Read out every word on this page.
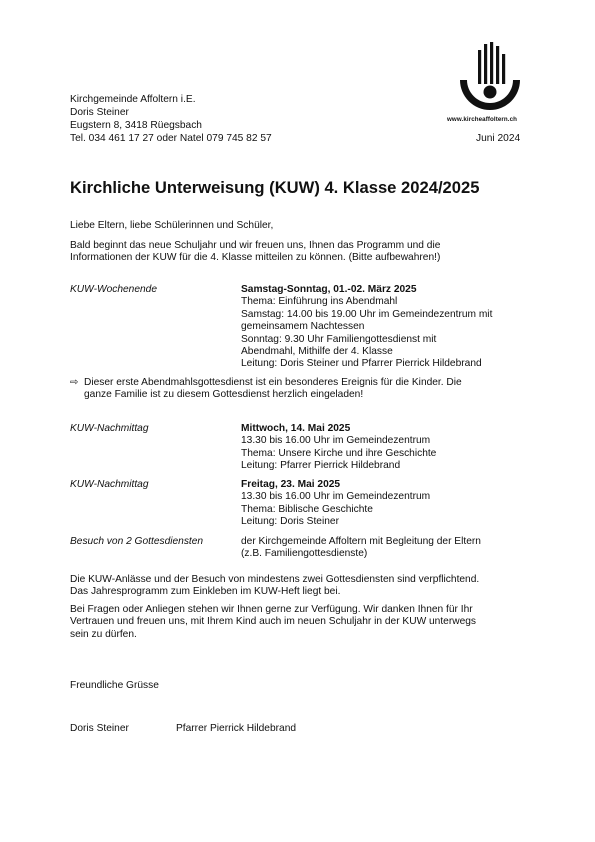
Kirchgemeinde Affoltern i.E.
Doris Steiner
Eugstern 8, 3418 Rüegsbach
Tel. 034 461 17 27 oder Natel 079 745 82 57
www.kircheaffoltern.ch
Juni 2024
Kirchliche Unterweisung (KUW) 4. Klasse 2024/2025
Liebe Eltern, liebe Schülerinnen und Schüler,
Bald beginnt das neue Schuljahr und wir freuen uns, Ihnen das Programm und die
Informationen der KUW für die 4. Klasse mitteilen zu können. (Bitte aufbewahren!)
KUW-Wochenende	Samstag-Sonntag, 01.-02. März 2025
Thema: Einführung ins Abendmahl
Samstag: 14.00 bis 19.00 Uhr im Gemeindezentrum mit
gemeinsamem Nachtessen
Sonntag: 9.30 Uhr Familiengottesdienst mit
Abendmahl, Mithilfe der 4. Klasse
Leitung: Doris Steiner und Pfarrer Pierrick Hildebrand
⇨ Dieser erste Abendmahlsgottesdienst ist ein besonderes Ereignis für die Kinder. Die
ganze Familie ist zu diesem Gottesdienst herzlich eingeladen!
KUW-Nachmittag	Mittwoch, 14. Mai 2025
13.30 bis 16.00 Uhr im Gemeindezentrum
Thema: Unsere Kirche und ihre Geschichte
Leitung: Pfarrer Pierrick Hildebrand
KUW-Nachmittag	Freitag, 23. Mai 2025
13.30 bis 16.00 Uhr im Gemeindezentrum
Thema: Biblische Geschichte
Leitung: Doris Steiner
Besuch von 2 Gottesdiensten	der Kirchgemeinde Affoltern mit Begleitung der Eltern
(z.B. Familiengottesdienste)
Die KUW-Anlässe und der Besuch von mindestens zwei Gottesdiensten sind verpflichtend.
Das Jahresprogramm zum Einkleben im KUW-Heft liegt bei.
Bei Fragen oder Anliegen stehen wir Ihnen gerne zur Verfügung. Wir danken Ihnen für Ihr
Vertrauen und freuen uns, mit Ihrem Kind auch im neuen Schuljahr in der KUW unterwegs
sein zu dürfen.
Freundliche Grüsse
Doris Steiner	Pfarrer Pierrick Hildebrand
